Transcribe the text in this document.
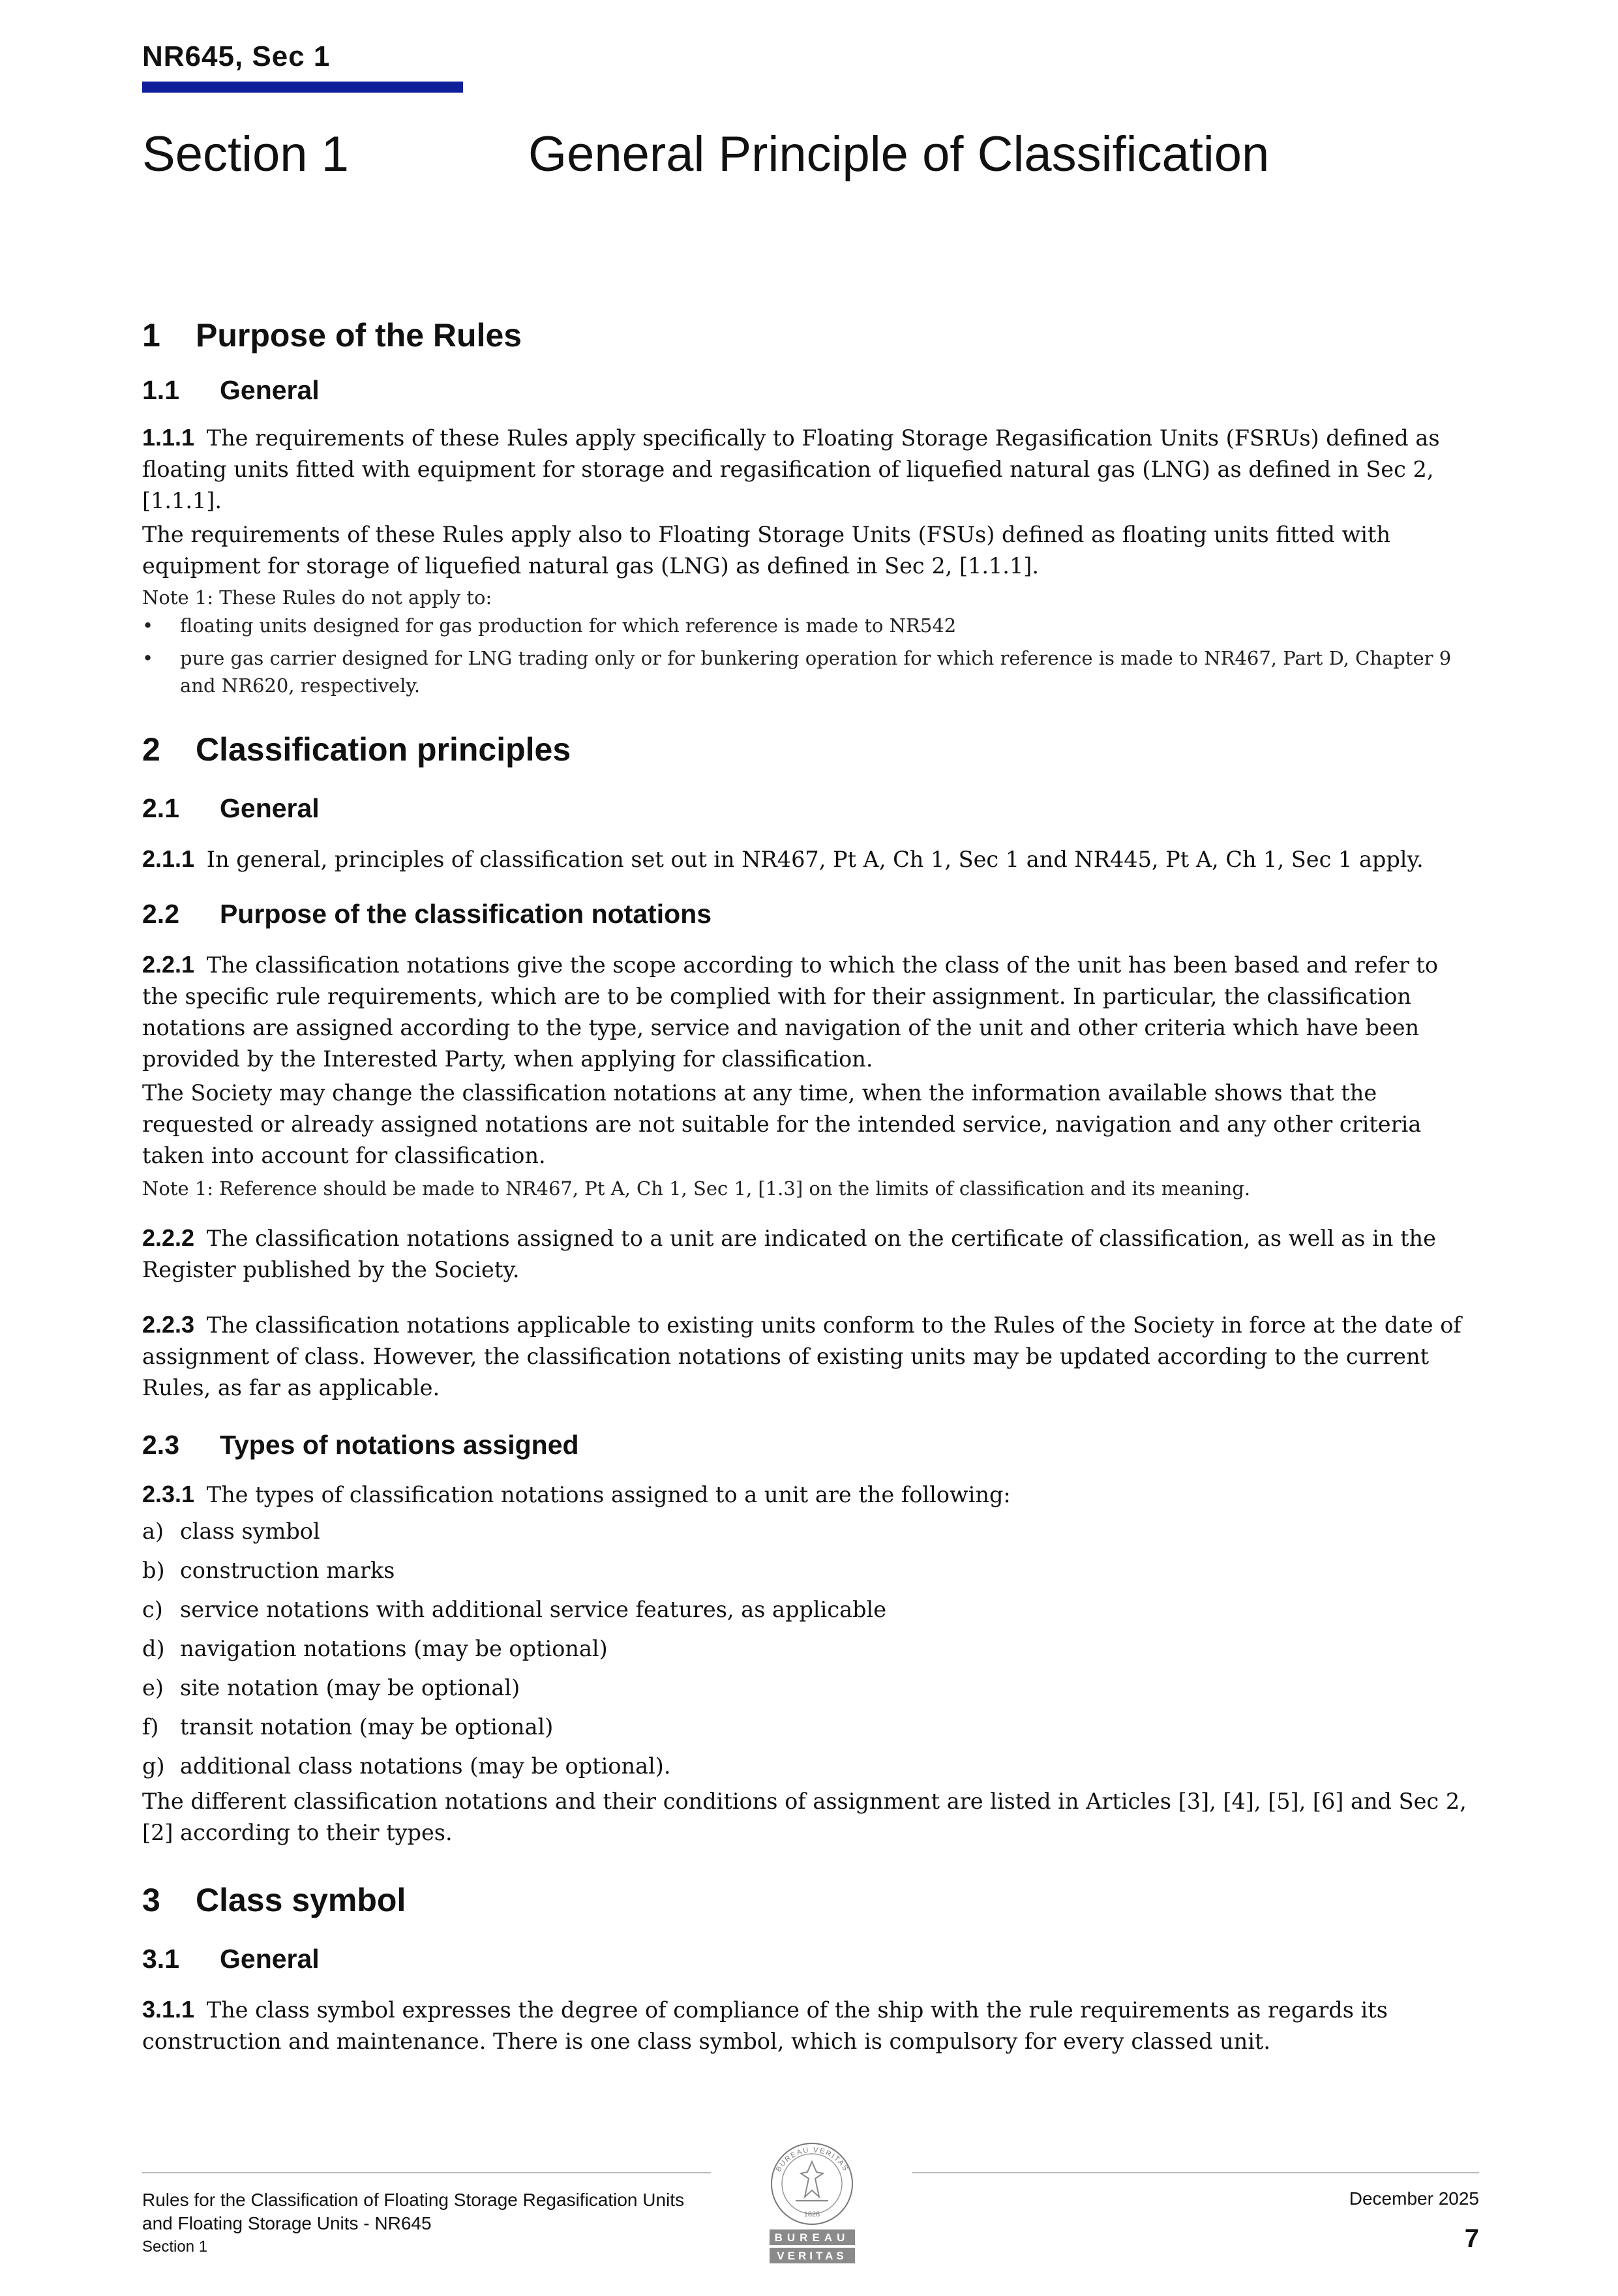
NR645, Sec 1
Section 1	General Principle of Classification
1	Purpose of the Rules
1.1	General

1.1.1 The requirements of these Rules apply specifically to Floating Storage Regasification Units (FSRUs) defined as floating units fitted with equipment for storage and regasification of liquefied natural gas (LNG) as defined in Sec 2, [1.1.1].

The requirements of these Rules apply also to Floating Storage Units (FSUs) defined as floating units fitted with equipment for storage of liquefied natural gas (LNG) as defined in Sec 2, [1.1.1].

Note 1: These Rules do not apply to:

•	floating units designed for gas production for which reference is made to NR542
•	pure gas carrier designed for LNG trading only or for bunkering operation for which reference is made to NR467, Part D, Chapter 9 and NR620, respectively.
2	Classification principles
2.1	General

2.1.1 In general, principles of classification set out in NR467, Pt A, Ch 1, Sec 1 and NR445, Pt A, Ch 1, Sec 1 apply.

2.2	Purpose of the classification notations

2.2.1 The classification notations give the scope according to which the class of the unit has been based and refer to the specific rule requirements, which are to be complied with for their assignment. In particular, the classification notations are assigned according to the type, service and navigation of the unit and other criteria which have been provided by the Interested Party, when applying for classification.

The Society may change the classification notations at any time, when the information available shows that the requested or already assigned notations are not suitable for the intended service, navigation and any other criteria taken into account for classification.

Note 1: Reference should be made to NR467, Pt A, Ch 1, Sec 1, [1.3] on the limits of classification and its meaning.

2.2.2 The classification notations assigned to a unit are indicated on the certificate of classification, as well as in the Register published by the Society.

2.2.3 The classification notations applicable to existing units conform to the Rules of the Society in force at the date of assignment of class. However, the classification notations of existing units may be updated according to the current Rules, as far as applicable.

2.3	Types of notations assigned

2.3.1 The types of classification notations assigned to a unit are the following:

a) class symbol
b) construction marks
c) service notations with additional service features, as applicable
d) navigation notations (may be optional)
e) site notation (may be optional)
f) transit notation (may be optional)
g) additional class notations (may be optional).

The different classification notations and their conditions of assignment are listed in Articles [3], [4], [5], [6] and Sec 2, [2] according to their types.

3	Class symbol
3.1	General

3.1.1 The class symbol expresses the degree of compliance of the ship with the rule requirements as regards its construction and maintenance. There is one class symbol, which is compulsory for every classed unit.

Rules for the Classification of Floating Storage Regasification Units
and Floating Storage Units - NR645
Section 1
BUREAU VERITAS
1828
BUREAU
VERITAS
December 2025
7
